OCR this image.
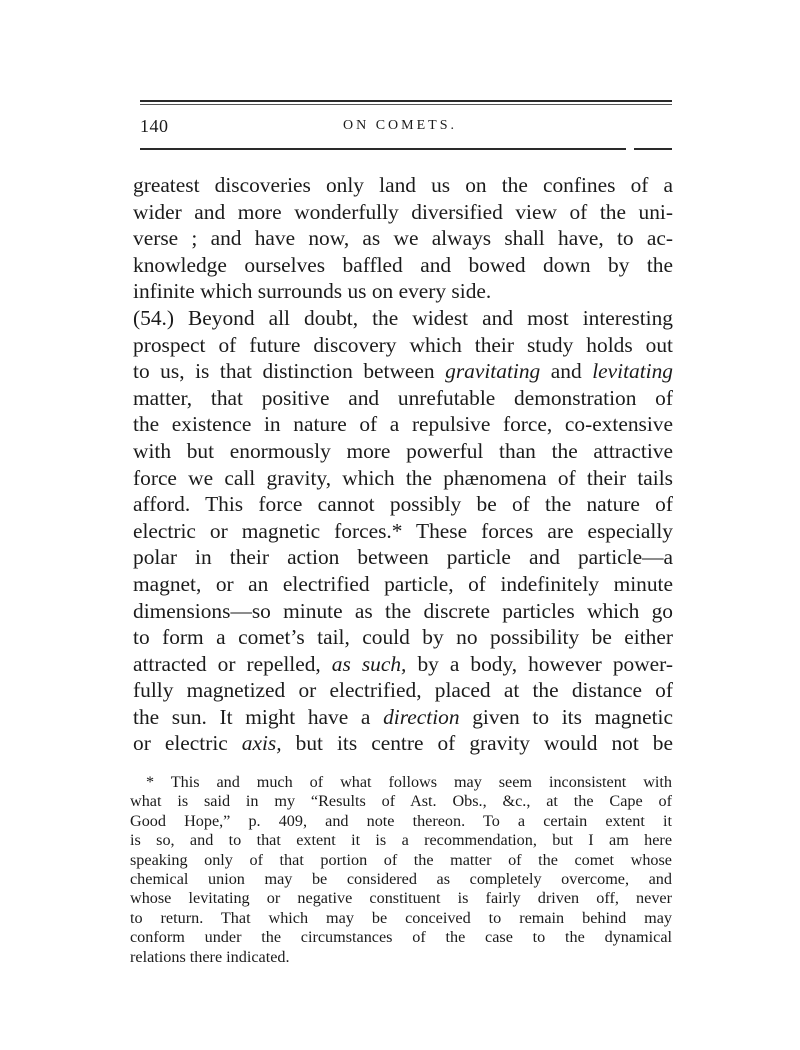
140	ON COMETS.
greatest discoveries only land us on the confines of a
wider and more wonderfully diversified view of the uni-
verse ; and have now, as we always shall have, to ac-
knowledge ourselves baffled and bowed down by the
infinite which surrounds us on every side.
(54.) Beyond all doubt, the widest and most interesting
prospect of future discovery which their study holds out
to us, is that distinction between gravitating and levitating
matter, that positive and unrefutable demonstration of
the existence in nature of a repulsive force, co-extensive
with but enormously more powerful than the attractive
force we call gravity, which the phænomena of their tails
afford. This force cannot possibly be of the nature of
electric or magnetic forces.* These forces are especially
polar in their action between particle and particle—a
magnet, or an electrified particle, of indefinitely minute
dimensions—so minute as the discrete particles which go
to form a comet’s tail, could by no possibility be either
attracted or repelled, as such, by a body, however power-
fully magnetized or electrified, placed at the distance of
the sun. It might have a direction given to its magnetic
or electric axis, but its centre of gravity would not be
* This and much of what follows may seem inconsistent with
what is said in my “Results of Ast. Obs., &c., at the Cape of
Good Hope,” p. 409, and note thereon. To a certain extent it
is so, and to that extent it is a recommendation, but I am here
speaking only of that portion of the matter of the comet whose
chemical union may be considered as completely overcome, and
whose levitating or negative constituent is fairly driven off, never
to return. That which may be conceived to remain behind may
conform under the circumstances of the case to the dynamical
relations there indicated.
